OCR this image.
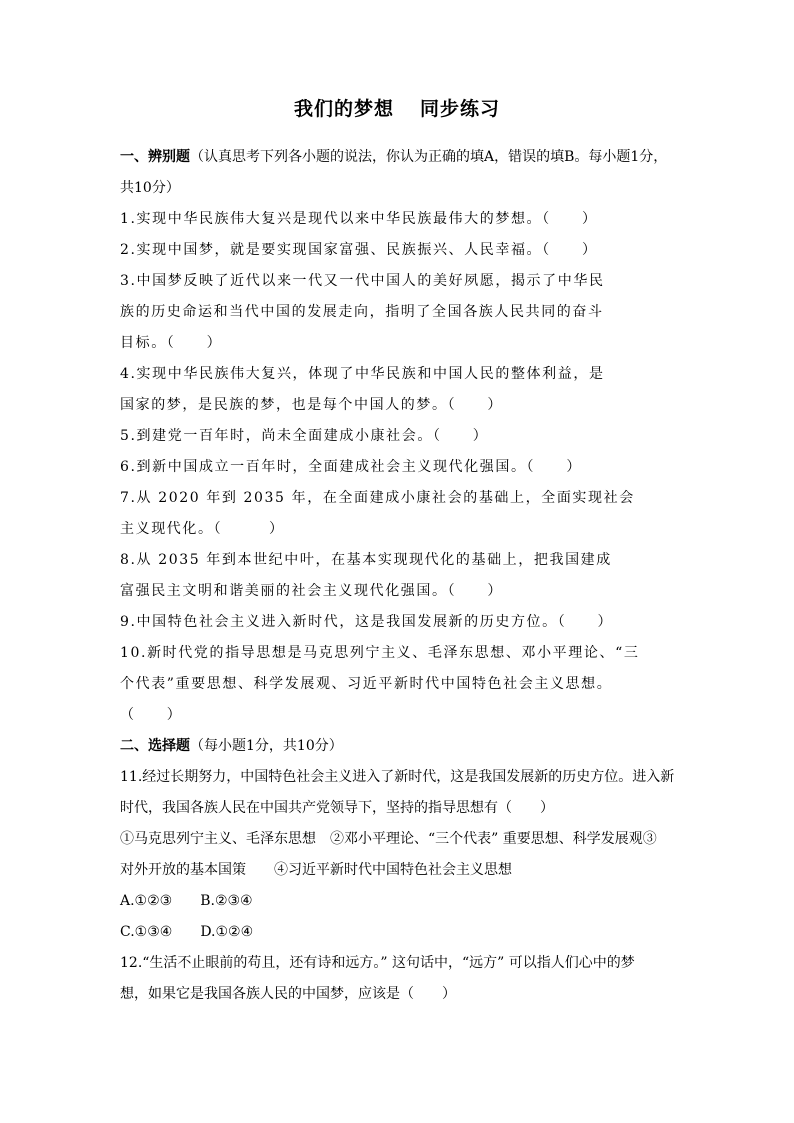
我们的梦想 同步练习

一、辨别题（认真思考下列各小题的说法，你认为正确的填A，错误的填B。每小题1分，

共10分）

1.实现中华民族伟大复兴是现代以来中华民族最伟大的梦想。（　　）

2.实现中国梦，就是要实现国家富强、民族振兴、人民幸福。（　　）

3.中国梦反映了近代以来一代又一代中国人的美好夙愿，揭示了中华民

族的历史命运和当代中国的发展走向，指明了全国各族人民共同的奋斗

目标。（　　）

4.实现中华民族伟大复兴，体现了中华民族和中国人民的整体利益，是

国家的梦，是民族的梦，也是每个中国人的梦。（　　）

5.到建党一百年时，尚未全面建成小康社会。（　　）

6.到新中国成立一百年时，全面建成社会主义现代化强国。（　　）

7.从 2020 年到 2035 年，在全面建成小康社会的基础上，全面实现社会

主义现代化。（　　　）

8.从 2035 年到本世纪中叶，在基本实现现代化的基础上，把我国建成

富强民主文明和谐美丽的社会主义现代化强国。（　　）

9.中国特色社会主义进入新时代，这是我国发展新的历史方位。（　　）

10.新时代党的指导思想是马克思列宁主义、毛泽东思想、邓小平理论、“三

个代表”重要思想、科学发展观、习近平新时代中国特色社会主义思想。

（　　）

二、选择题（每小题1分，共10分）

11.经过长期努力，中国特色社会主义进入了新时代，这是我国发展新的历史方位。进入新

时代，我国各族人民在中国共产党领导下，坚持的指导思想有（　　）

①马克思列宁主义、毛泽东思想　②邓小平理论、“三个代表” 重要思想、科学发展观③

对外开放的基本国策　　④习近平新时代中国特色社会主义思想

A.①②③　　B.②③④

C.①③④　　D.①②④

12.“生活不止眼前的苟且，还有诗和远方。” 这句话中，“远方” 可以指人们心中的梦

想，如果它是我国各族人民的中国梦，应该是（　　）
